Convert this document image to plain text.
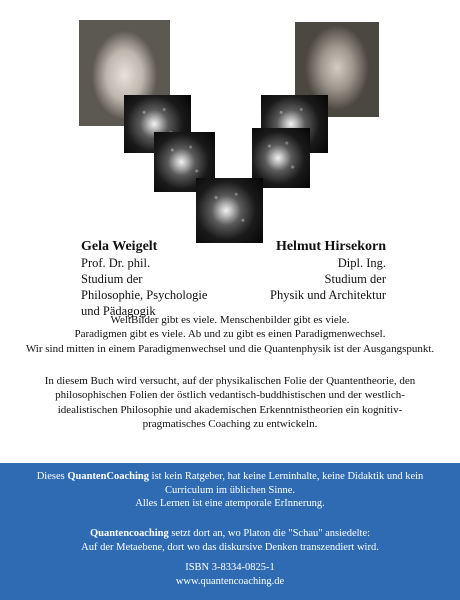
Gela Weigelt
Prof. Dr. phil.
Studium der
Philosophie, Psychologie
und Pädagogik
Helmut Hirsekorn
Dipl. Ing.
Studium der
Physik und Architektur
WeltBilder gibt es viele. Menschenbilder gibt es viele.
Paradigmen gibt es viele. Ab und zu gibt es einen Paradigmenwechsel.
Wir sind mitten in einem Paradigmenwechsel und die Quantenphysik ist der Ausgangspunkt.
In diesem Buch wird versucht, auf der physikalischen Folie der Quantentheorie, den
philosophischen Folien der östlich vedantisch-buddhistischen und der westlich-
idealistischen Philosophie und akademischen Erkenntnistheorien ein kognitiv-
pragmatisches Coaching zu entwickeln.
Dieses QuantenCoaching ist kein Ratgeber, hat keine Lerninhalte, keine Didaktik und kein
Curriculum im üblichen Sinne.
Alles Lernen ist eine atemporale ErInnerung.
Quantencoaching setzt dort an, wo Platon die "Schau" ansiedelte:
Auf der Metaebene, dort wo das diskursive Denken transzendiert wird.
ISBN 3-8334-0825-1
www.quantencoaching.de
